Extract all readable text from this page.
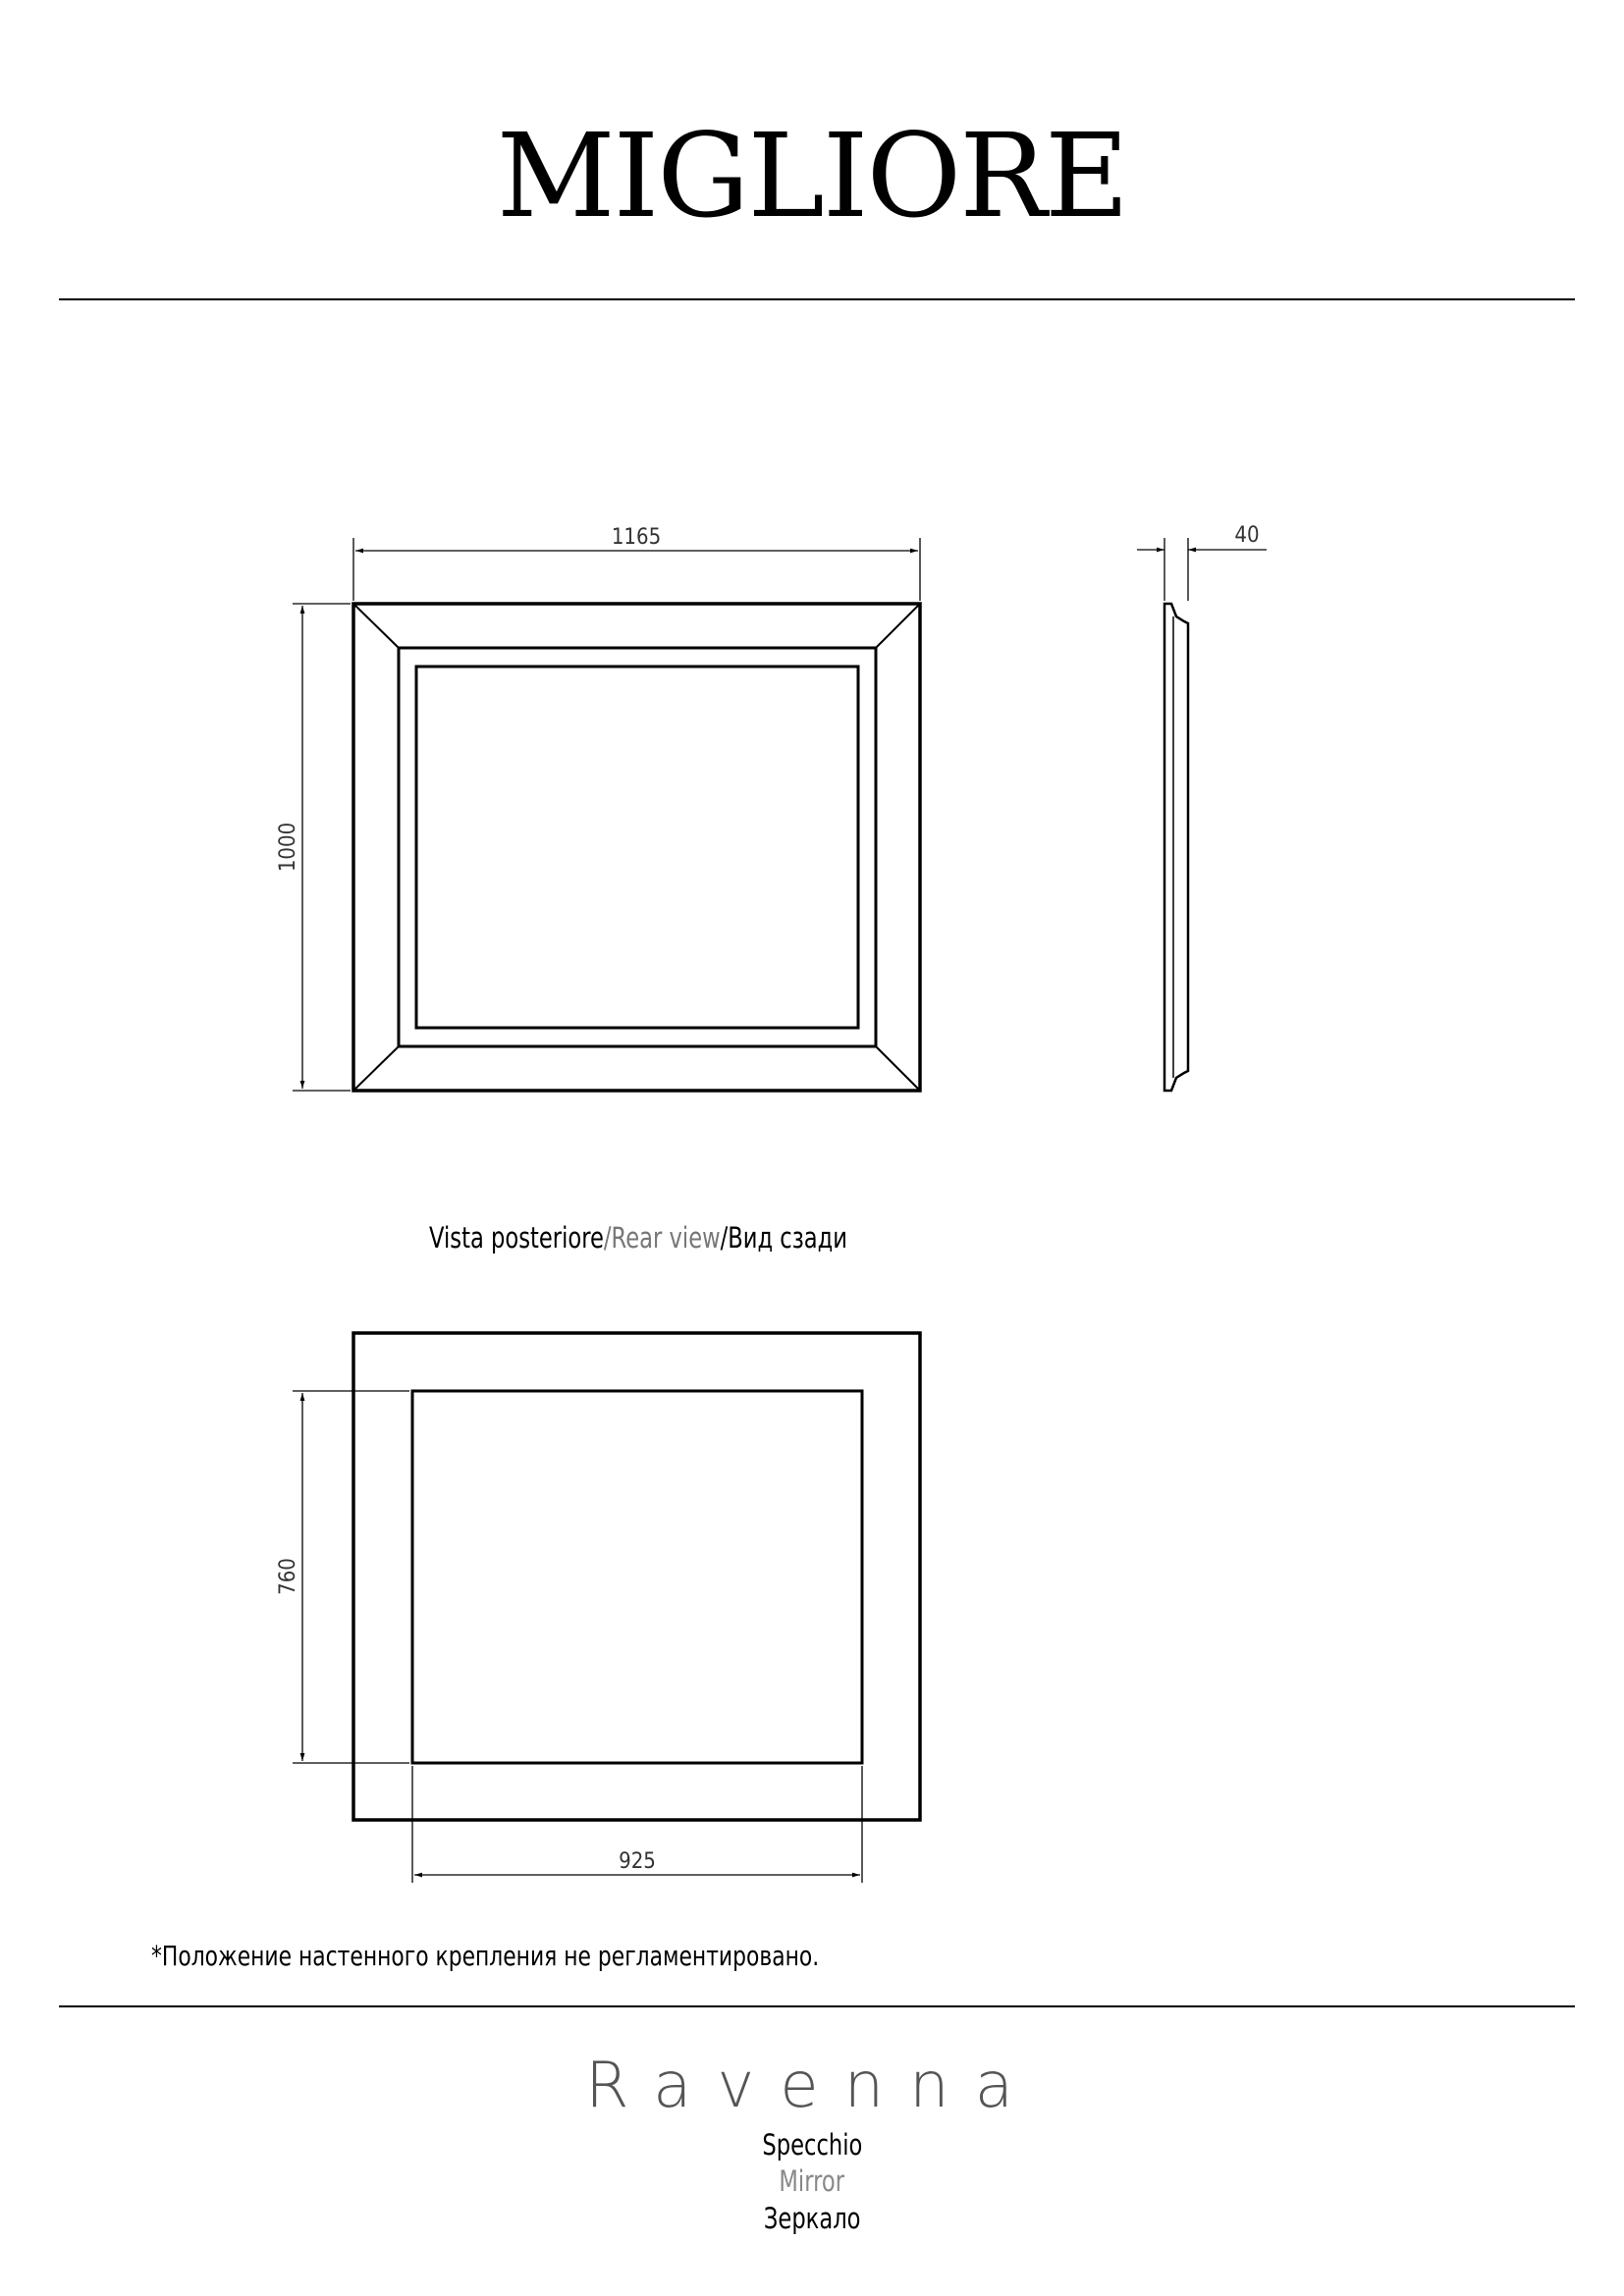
MIGLIORE
1165
1000
40
760
925
Vista posteriore/Rear view/Вид сзади
*Положение настенного крепления не регламентировано.
Ravenna
Specchio
Mirror
Зеркало
